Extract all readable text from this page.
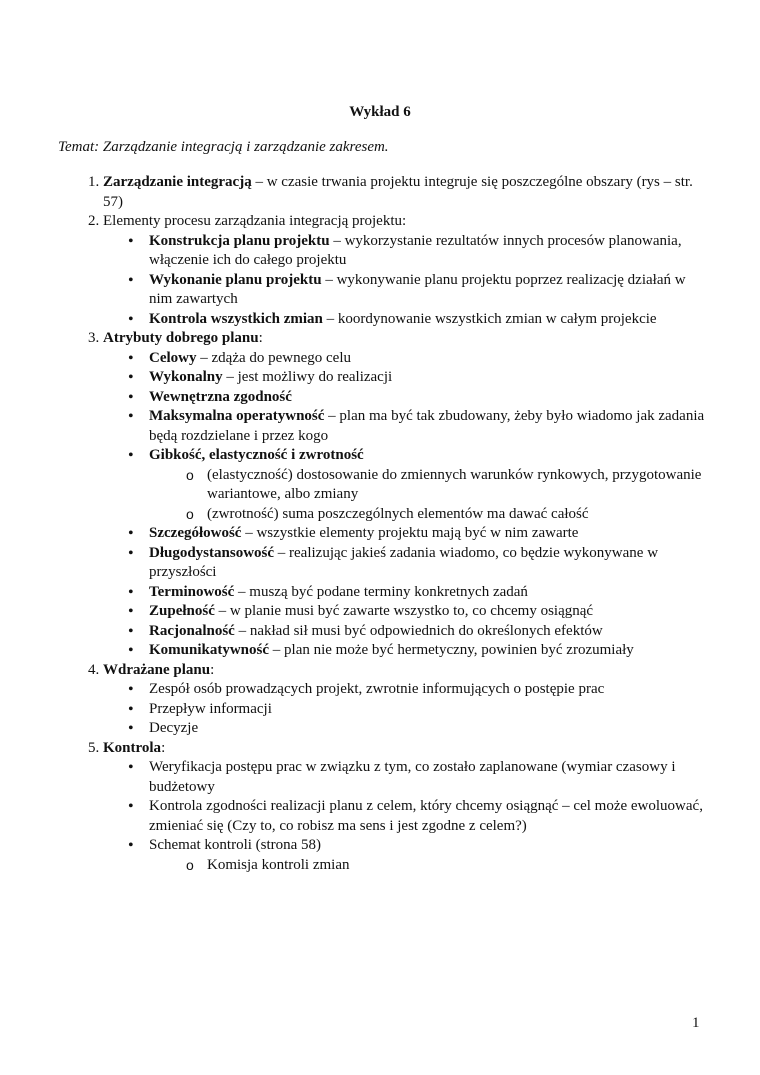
Wykład 6
Temat: Zarządzanie integracją i zarządzanie zakresem.
1. Zarządzanie integracją – w czasie trwania projektu integruje się poszczególne obszary (rys – str. 57)
2. Elementy procesu zarządzania integracją projektu:
• Konstrukcja planu projektu – wykorzystanie rezultatów innych procesów planowania, włączenie ich do całego projektu
• Wykonanie planu projektu – wykonywanie planu projektu poprzez realizację działań w nim zawartych
• Kontrola wszystkich zmian – koordynowanie wszystkich zmian w całym projekcie
3. Atrybuty dobrego planu:
• Celowy – zdąża do pewnego celu
• Wykonalny – jest możliwy do realizacji
• Wewnętrzna zgodność
• Maksymalna operatywność – plan ma być tak zbudowany, żeby było wiadomo jak zadania będą rozdzielane i przez kogo
• Gibkość, elastyczność i zwrotność
o (elastyczność) dostosowanie do zmiennych warunków rynkowych, przygotowanie wariantowe, albo zmiany
o (zwrotność) suma poszczególnych elementów ma dawać całość
• Szczegółowość – wszystkie elementy projektu mają być w nim zawarte
• Długodystansowość – realizując jakieś zadania wiadomo, co będzie wykonywane w przyszłości
• Terminowość – muszą być podane terminy konkretnych zadań
• Zupełność – w planie musi być zawarte wszystko to, co chcemy osiągnąć
• Racjonalność – nakład sił musi być odpowiednich do określonych efektów
• Komunikatywność – plan nie może być hermetyczny, powinien być zrozumiały
4. Wdrażane planu:
• Zespół osób prowadzących projekt, zwrotnie informujących o postępie prac
• Przepływ informacji
• Decyzje
5. Kontrola:
• Weryfikacja postępu prac w związku z tym, co zostało zaplanowane (wymiar czasowy i budżetowy
• Kontrola zgodności realizacji planu z celem, który chcemy osiągnąć – cel może ewoluować, zmieniać się (Czy to, co robisz ma sens i jest zgodne z celem?)
• Schemat kontroli (strona 58)
o Komisja kontroli zmian
1
